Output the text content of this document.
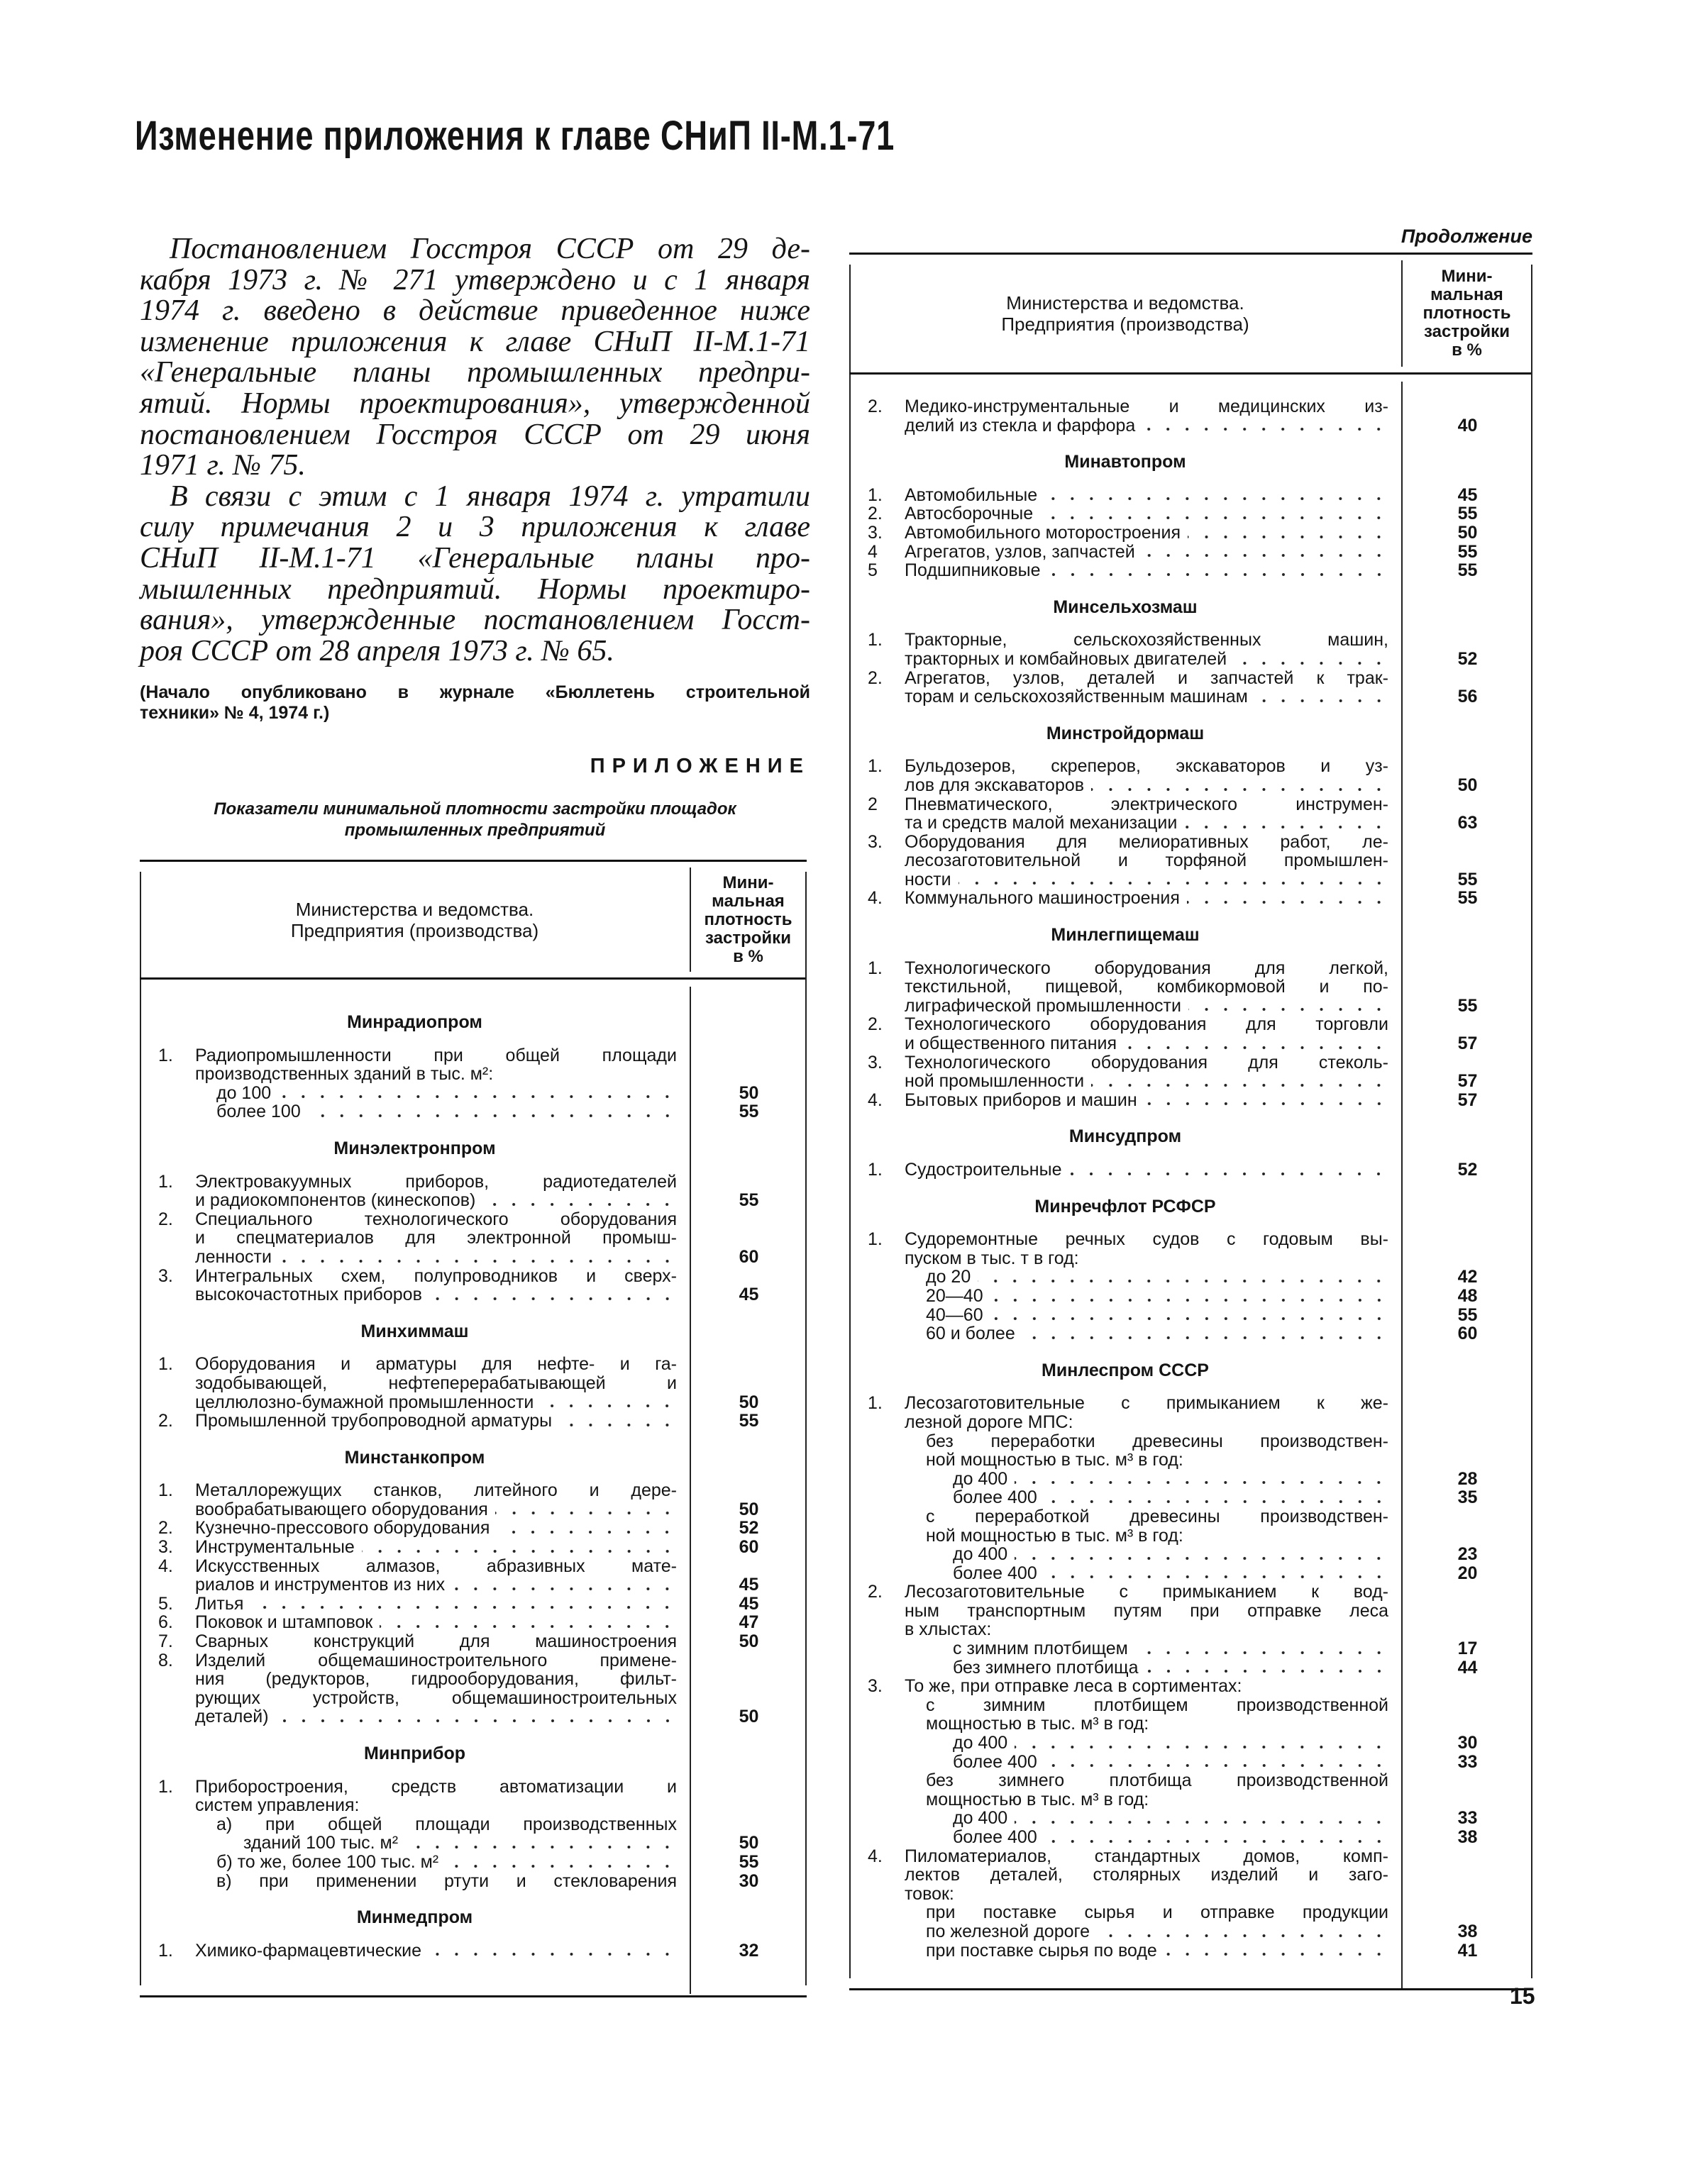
Изменение приложения к главе СНиП II-М.1-71
Постановлением Госстроя СССР от 29 де-
кабря 1973 г. № 271 утверждено и с 1 января
1974 г. введено в действие приведенное ниже
изменение приложения к главе СНиП II-М.1-71
«Генеральные планы промышленных предпри-
ятий. Нормы проектирования», утвержденной
постановлением Госстроя СССР от 29 июня
1971 г. № 75.
В связи с этим с 1 января 1974 г. утратили
силу примечания 2 и 3 приложения к главе
СНиП II-М.1-71 «Генеральные планы про-
мышленных предприятий. Нормы проектиро-
вания», утвержденные постановлением Госст-
роя СССР от 28 апреля 1973 г. № 65.
(Начало опубликовано в журнале «Бюллетень строительной
техники» № 4, 1974 г.)
ПРИЛОЖЕНИЕ
Показатели минимальной плотности застройки площадок
промышленных предприятий
Продолжение
Министерства и ведомства.
Предприятия (производства)
Мини-
мальная
плотность
застройки
в %
Минрадиопром
1.	Радиопромышленности при общей площади
производственных зданий в тыс. м²:
до 100	50
более 100	55
Минэлектронпром
1.	Электровакуумных приборов, радиотедателей
и радиокомпонентов (кинескопов)	55
2.	Специального технологического оборудования
и спецматериалов для электронной промыш-
ленности	60
3.	Интегральных схем, полупроводников и сверх-
высокочастотных приборов	45
Минхиммаш
1.	Оборудования и арматуры для нефте- и га-
зодобывающей, нефтеперерабатывающей и
целлюлозно-бумажной промышленности	50
2.	Промышленной трубопроводной арматуры	55
Минстанкопром
1.	Металлорежущих станков, литейного и дере-
вообрабатывающего оборудования	50
2.	Кузнечно-прессового оборудования	52
3.	Инструментальные	60
4.	Искусственных алмазов, абразивных мате-
риалов и инструментов из них	45
5.	Литья	45
6.	Поковок и штамповок	47
7.	Сварных конструкций для машиностроения	50
8.	Изделий общемашиностроительного примене-
ния (редукторов, гидрооборудования, фильт-
рующих устройств, общемашиностроительных
деталей)	50
Минприбор
1.	Приборостроения, средств автоматизации и
систем управления:
а) при общей площади производственных
зданий 100 тыс. м²	50
б) то же, более 100 тыс. м²	55
в) при применении ртути и стекловарения	30
Минмедпром
1.	Химико-фармацевтические	32
Министерства и ведомства.
Предприятия (производства)
Мини-
мальная
плотность
застройки
в %
2.	Медико-инструментальные и медицинских из-
делий из стекла и фарфора	40
Минавтопром
1.	Автомобильные	45
2.	Автосборочные	55
3.	Автомобильного моторостроения	50
4	Агрегатов, узлов, запчастей	55
5	Подшипниковые	55
Минсельхозмаш
1.	Тракторные, сельскохозяйственных машин,
тракторных и комбайновых двигателей	52
2.	Агрегатов, узлов, деталей и запчастей к трак-
торам и сельскохозяйственным машинам	56
Минстройдормаш
1.	Бульдозеров, скреперов, экскаваторов и уз-
лов для экскаваторов	50
2	Пневматического, электрического инструмен-
та и средств малой механизации	63
3.	Оборудования для мелиоративных работ, ле-
лесозаготовительной и торфяной промышлен-
ности	55
4.	Коммунального машиностроения	55
Минлегпищемаш
1.	Технологического оборудования для легкой,
текстильной, пищевой, комбикормовой и по-
лиграфической промышленности	55
2.	Технологического оборудования для торговли
и общественного питания	57
3.	Технологического оборудования для стеколь-
ной промышленности	57
4.	Бытовых приборов и машин	57
Минсудпром
1.	Судостроительные	52
Минречфлот РСФСР
1.	Судоремонтные речных судов с годовым вы-
пуском в тыс. т в год:
до 20	42
20—40	48
40—60	55
60 и более	60
Минлеспром СССР
1.	Лесозаготовительные с примыканием к же-
лезной дороге МПС:
без переработки древесины производствен-
ной мощностью в тыс. м³ в год:
до 400	28
более 400	35
с переработкой древесины производствен-
ной мощностью в тыс. м³ в год:
до 400	23
более 400	20
2.	Лесозаготовительные с примыканием к вод-
ным транспортным путям при отправке леса
в хлыстах:
с зимним плотбищем	17
без зимнего плотбища	44
3.	То же, при отправке леса в сортиментах:
с зимним плотбищем производственной
мощностью в тыс. м³ в год:
до 400	30
более 400	33
без зимнего плотбища производственной
мощностью в тыс. м³ в год:
до 400	33
более 400	38
4.	Пиломатериалов, стандартных домов, комп-
лектов деталей, столярных изделий и заго-
товок:
при поставке сырья и отправке продукции
по железной дороге	38
при поставке сырья по воде	41
15
